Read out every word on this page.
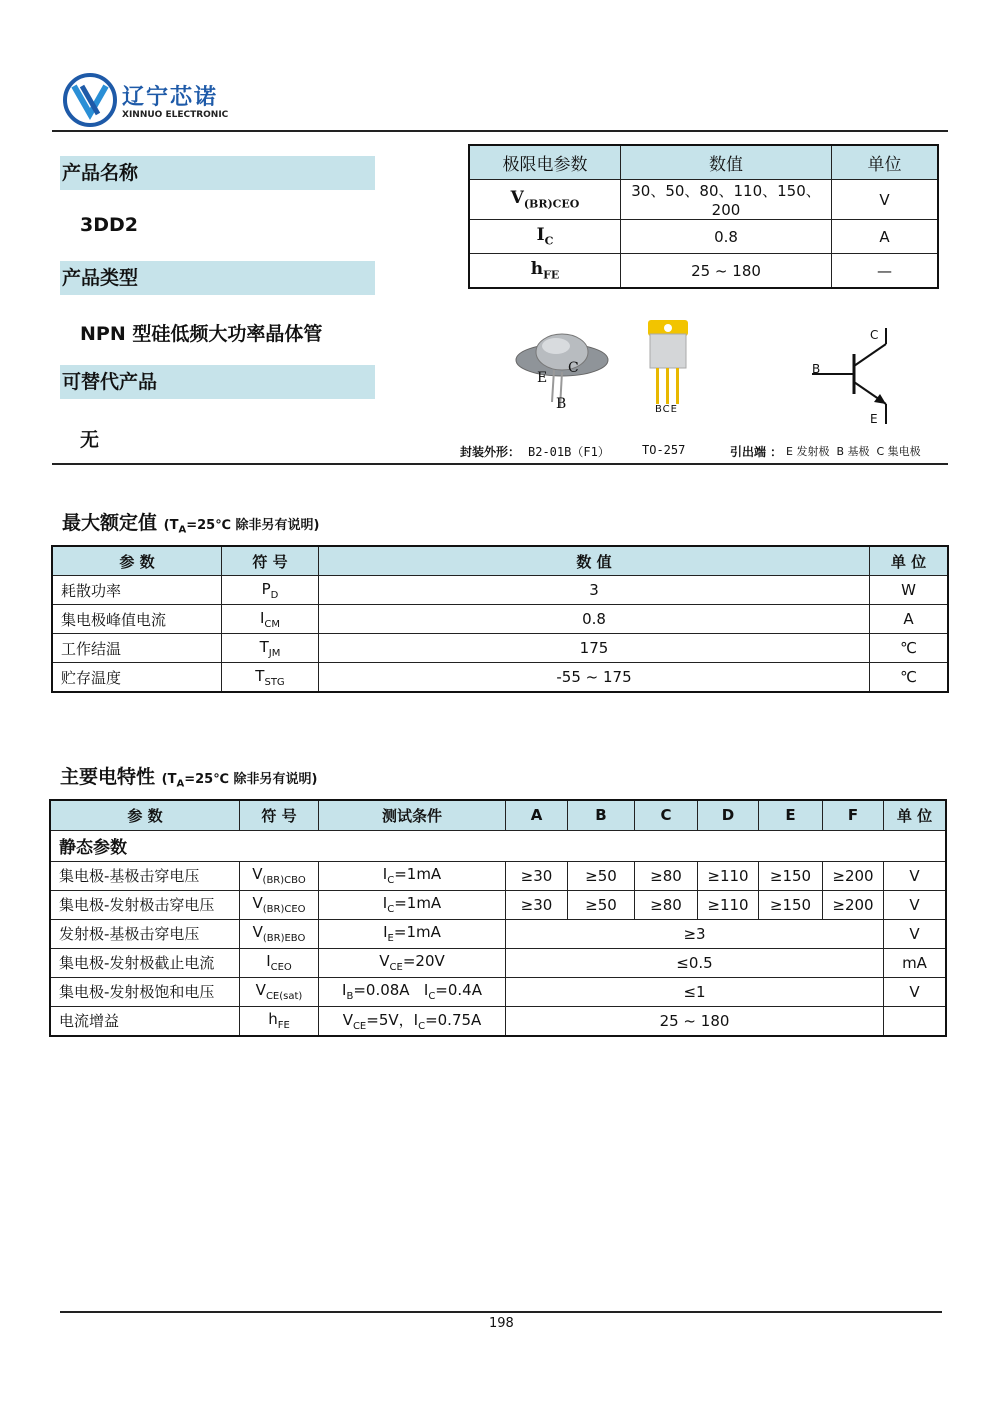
辽宁芯诺
XINNUO ELECTRONIC
产品名称
3DD2
产品类型
NPN 型硅低频大功率晶体管
可替代产品
无
极限电参数	数值	单位
$V_{(BR)CEO}$	30、50、80、110、150、200	V
$I_C$	0.8	A
$h_{FE}$	25 ~ 180	—
E
C
B	BCE
C
B
E
封装外形： B2-01B（F1）	TO-257	引出端 ： E 发射极  B 基极  C 集电极
最大额定值 ($T_A=25℃$ 除非另有说明)
参 数	符 号	数 值	单 位
耗散功率	$P_D$	3	W
集电极峰值电流	$I_{CM}$	0.8	A
工作结温	$T_{JM}$	175	℃
贮存温度	$T_{STG}$	-55 ~ 175	℃
主要电特性 ($T_A=25℃$ 除非另有说明)
参 数	符 号	测试条件	A	B	C	D	E	F	单 位
静态参数									
集电极-基极击穿电压	$V_{(BR)CBO}$	$I_C=1mA$	≥30	≥50	≥80	≥110	≥150	≥200	V
集电极-发射极击穿电压	$V_{(BR)CEO}$	$I_C=1mA$	≥30	≥50	≥80	≥110	≥150	≥200	V
发射极-基极击穿电压	$V_{(BR)EBO}$	$I_E=1mA$	≥3						V
集电极-发射极截止电流	$I_{CEO}$	$V_{CE}=20V$	≤0.5						mA
集电极-发射极饱和电压	$V_{CE(sat)}$	$I_B=0.08A$ $I_C=0.4A$	≤1						V
电流增益	$h_{FE}$	$V_{CE}=5V$，$I_C=0.75A$	25 ~ 180						
198
